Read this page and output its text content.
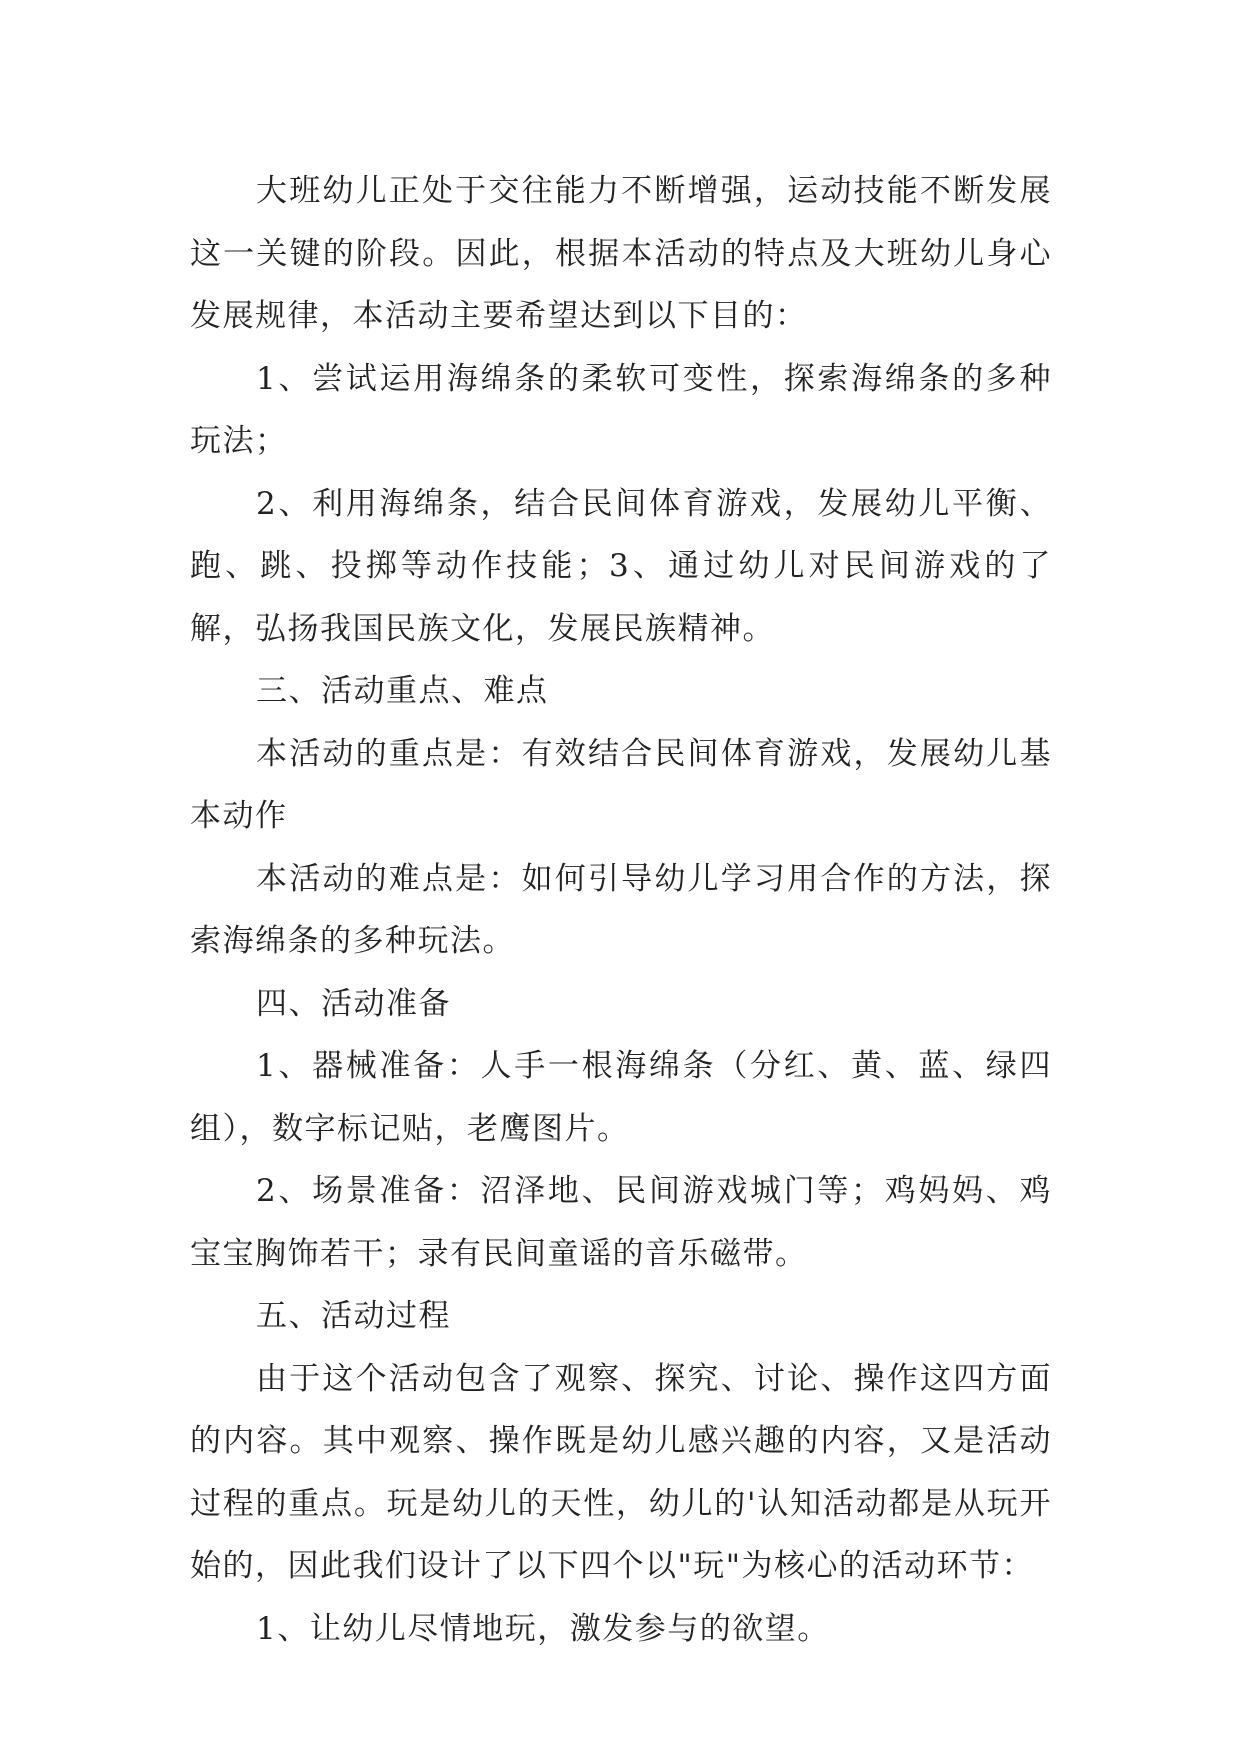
大班幼儿正处于交往能力不断增强，运动技能不断发展这一关键的阶段。因此，根据本活动的特点及大班幼儿身心发展规律，本活动主要希望达到以下目的：

1、尝试运用海绵条的柔软可变性，探索海绵条的多种玩法；

2、利用海绵条，结合民间体育游戏，发展幼儿平衡、跑、跳、投掷等动作技能；3、通过幼儿对民间游戏的了解，弘扬我国民族文化，发展民族精神。

三、活动重点、难点

本活动的重点是：有效结合民间体育游戏，发展幼儿基本动作

本活动的难点是：如何引导幼儿学习用合作的方法，探索海绵条的多种玩法。

四、活动准备

1、器械准备：人手一根海绵条（分红、黄、蓝、绿四组），数字标记贴，老鹰图片。

2、场景准备：沼泽地、民间游戏城门等；鸡妈妈、鸡宝宝胸饰若干；录有民间童谣的音乐磁带。

五、活动过程

由于这个活动包含了观察、探究、讨论、操作这四方面的内容。其中观察、操作既是幼儿感兴趣的内容，又是活动过程的重点。玩是幼儿的天性，幼儿的'认知活动都是从玩开始的，因此我们设计了以下四个以"玩"为核心的活动环节：

1、让幼儿尽情地玩，激发参与的欲望。
